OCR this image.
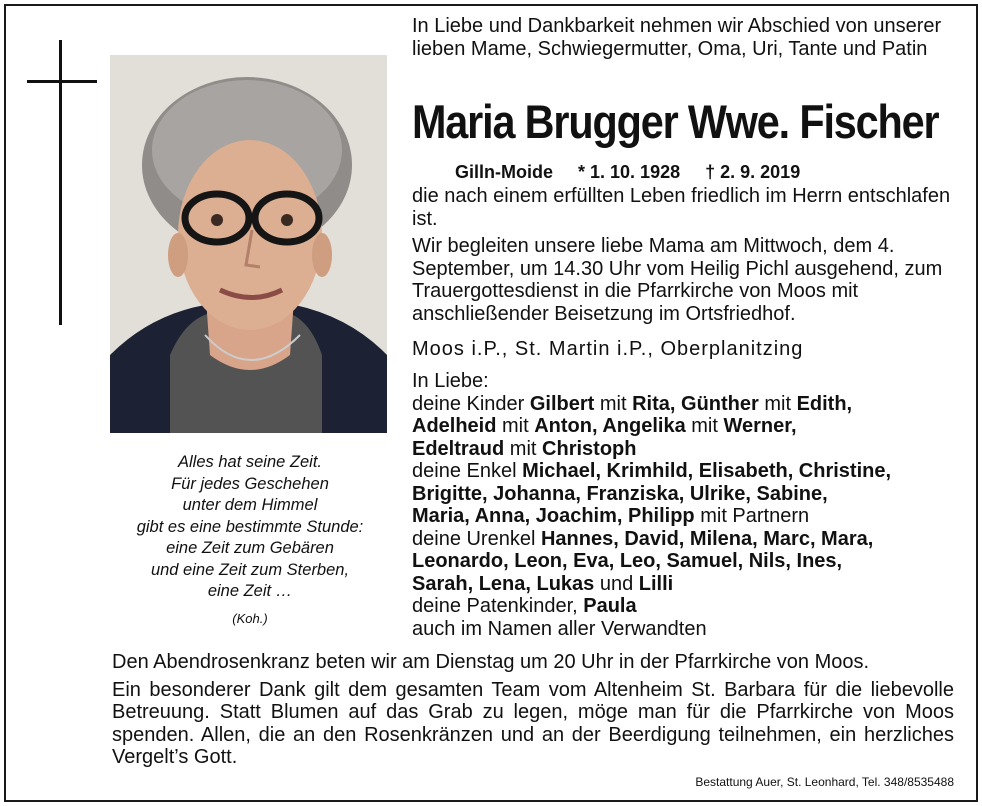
Alles hat seine Zeit.
Für jedes Geschehen
unter dem Himmel
gibt es eine bestimmte Stunde:
eine Zeit zum Gebären
und eine Zeit zum Sterben,
eine Zeit …
(Koh.)
In Liebe und Dankbarkeit nehmen wir Abschied von unserer lieben Mame, Schwiegermutter, Oma, Uri, Tante und Patin
Maria Brugger Wwe. Fischer
Gilln-Moide * 1. 10. 1928 † 2. 9. 2019

die nach einem erfüllten Leben friedlich im Herrn entschlafen ist.

Wir begleiten unsere liebe Mama am Mittwoch, dem 4. September, um 14.30 Uhr vom Heilig Pichl ausgehend, zum Trauergottesdienst in die Pfarrkirche von Moos mit anschließender Beisetzung im Ortsfriedhof.

Moos i.P., St. Martin i.P., Oberplanitzing
In Liebe:
deine Kinder Gilbert mit Rita, Günther mit Edith,
Adelheid mit Anton, Angelika mit Werner,
Edeltraud mit Christoph
deine Enkel Michael, Krimhild, Elisabeth, Christine,
Brigitte, Johanna, Franziska, Ulrike, Sabine,
Maria, Anna, Joachim, Philipp mit Partnern
deine Urenkel Hannes, David, Milena, Marc, Mara,
Leonardo, Leon, Eva, Leo, Samuel, Nils, Ines,
Sarah, Lena, Lukas und Lilli
deine Patenkinder, Paula
auch im Namen aller Verwandten

Den Abendrosenkranz beten wir am Dienstag um 20 Uhr in der Pfarrkirche von Moos.

Ein besonderer Dank gilt dem gesamten Team vom Altenheim St. Barbara für die liebevolle Betreuung. Statt Blumen auf das Grab zu legen, möge man für die Pfarrkirche von Moos spenden. Allen, die an den Rosenkränzen und an der Beerdigung teilnehmen, ein herzliches Vergelt’s Gott.

Bestattung Auer, St. Leonhard, Tel. 348/8535488
